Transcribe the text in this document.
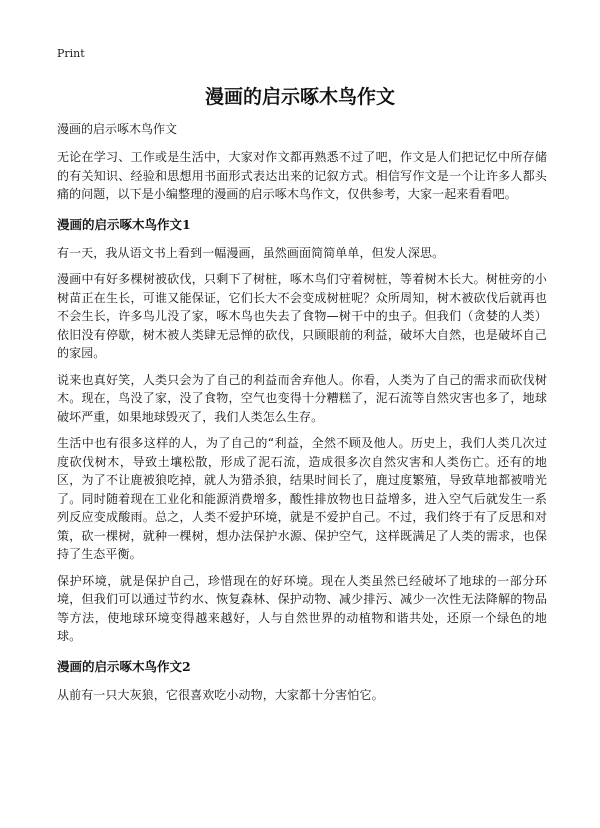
Print
漫画的启示啄木鸟作文
漫画的启示啄木鸟作文

无论在学习、工作或是生活中，大家对作文都再熟悉不过了吧，作文是人们把记忆中所存储的有关知识、经验和思想用书面形式表达出来的记叙方式。相信写作文是一个让许多人都头痛的问题，以下是小编整理的漫画的启示啄木鸟作文，仅供参考，大家一起来看看吧。

漫画的启示啄木鸟作文1

有一天，我从语文书上看到一幅漫画，虽然画面简简单单，但发人深思。

漫画中有好多棵树被砍伐，只剩下了树桩，啄木鸟们守着树桩，等着树木长大。树桩旁的小树苗正在生长，可谁又能保证，它们长大不会变成树桩呢？众所周知，树木被砍伐后就再也不会生长，许多鸟儿没了家，啄木鸟也失去了食物—树干中的虫子。但我们（贪婪的人类）依旧没有停歇，树木被人类肆无忌惮的砍伐，只顾眼前的利益，破坏大自然，也是破坏自己的家园。

说来也真好笑，人类只会为了自己的利益而舍弃他人。你看，人类为了自己的需求而砍伐树木。现在，鸟没了家，没了食物，空气也变得十分糟糕了，泥石流等自然灾害也多了，地球破坏严重，如果地球毁灭了，我们人类怎么生存。

生活中也有很多这样的人，为了自己的“利益，全然不顾及他人。历史上，我们人类几次过度砍伐树木，导致土壤松散，形成了泥石流，造成很多次自然灾害和人类伤亡。还有的地区，为了不让鹿被狼吃掉，就人为猎杀狼，结果时间长了，鹿过度繁殖，导致草地都被啃光了。同时随着现在工业化和能源消费增多，酸性排放物也日益增多，进入空气后就发生一系列反应变成酸雨。总之，人类不爱护环境，就是不爱护自己。不过，我们终于有了反思和对策，砍一棵树，就种一棵树，想办法保护水源、保护空气，这样既满足了人类的需求，也保持了生态平衡。

保护环境，就是保护自己，珍惜现在的好环境。现在人类虽然已经破坏了地球的一部分环境，但我们可以通过节约水、恢复森林、保护动物、减少排污、减少一次性无法降解的物品等方法，使地球环境变得越来越好，人与自然世界的动植物和谐共处，还原一个绿色的地球。

漫画的启示啄木鸟作文2

从前有一只大灰狼，它很喜欢吃小动物，大家都十分害怕它。
